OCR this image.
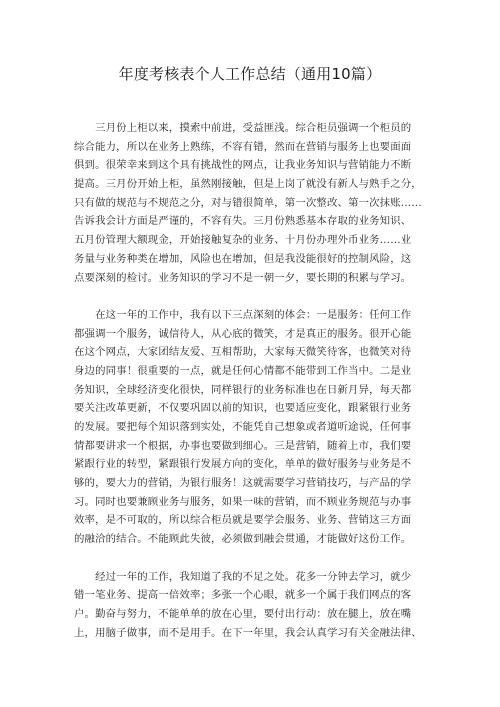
年度考核表个人工作总结（通用10篇）
　　三月份上柜以来，摸索中前进，受益匪浅。综合柜员强调一个柜员的
综合能力，所以在业务上熟练，不容有错，然而在营销与服务上也要面面
俱到。很荣幸来到这个具有挑战性的网点，让我业务知识与营销能力不断
提高。三月份开始上柜，虽然刚接触，但是上岗了就没有新人与熟手之分，
只有做的规范与不规范之分，对与错很简单，第一次整改、第一次抹账……
告诉我会计方面是严谨的，不容有失。三月份熟悉基本存取的业务知识、
五月份管理大额现金，开始接触复杂的业务、十月份办理外币业务……业
务量与业务种类在增加，风险也在增加，但是我没能很好的控制风险，这
点要深刻的检讨。业务知识的学习不是一朝一夕，要长期的积累与学习。
　　在这一年的工作中，我有以下三点深刻的体会：一是服务：任何工作
都强调一个服务，诚信待人，从心底的微笑，才是真正的服务。很开心能
在这个网点，大家团结友爱、互相帮助，大家每天微笑待客，也微笑对待
身边的同事！很重要的一点，就是任何心情都不能带到工作当中。二是业
务知识，全球经济变化很快，同样银行的业务标准也在日新月异，每天都
要关注改革更新，不仅要巩固以前的知识，也要适应变化，跟紧银行业务
的发展。要把每个知识落到实处，不能凭自己想象或者道听途说，任何事
情都要讲求一个根据，办事也要做到细心。三是营销，随着上市，我们要
紧跟行业的转型，紧跟银行发展方向的变化，单单的做好服务与业务是不
够的，要大力的营销，为银行服务！这就需要学习营销技巧，与产品的学
习。同时也要兼顾业务与服务，如果一味的营销，而不顾业务规范与办事
效率，是不可取的，所以综合柜员就是要学会服务、业务、营销这三方面
的融洽的结合。不能顾此失彼，必须做到融会贯通，才能做好这份工作。
　　经过一年的工作，我知道了我的不足之处。花多一分钟去学习，就少
错一笔业务、提高一倍效率；多张一个心眼，就多一个属于我们网点的客
户。勤奋与努力，不能单单的放在心里，要付出行动：放在腿上，放在嘴
上，用脑子做事，而不是用手。在下一年里，我会认真学习有关金融法律、
